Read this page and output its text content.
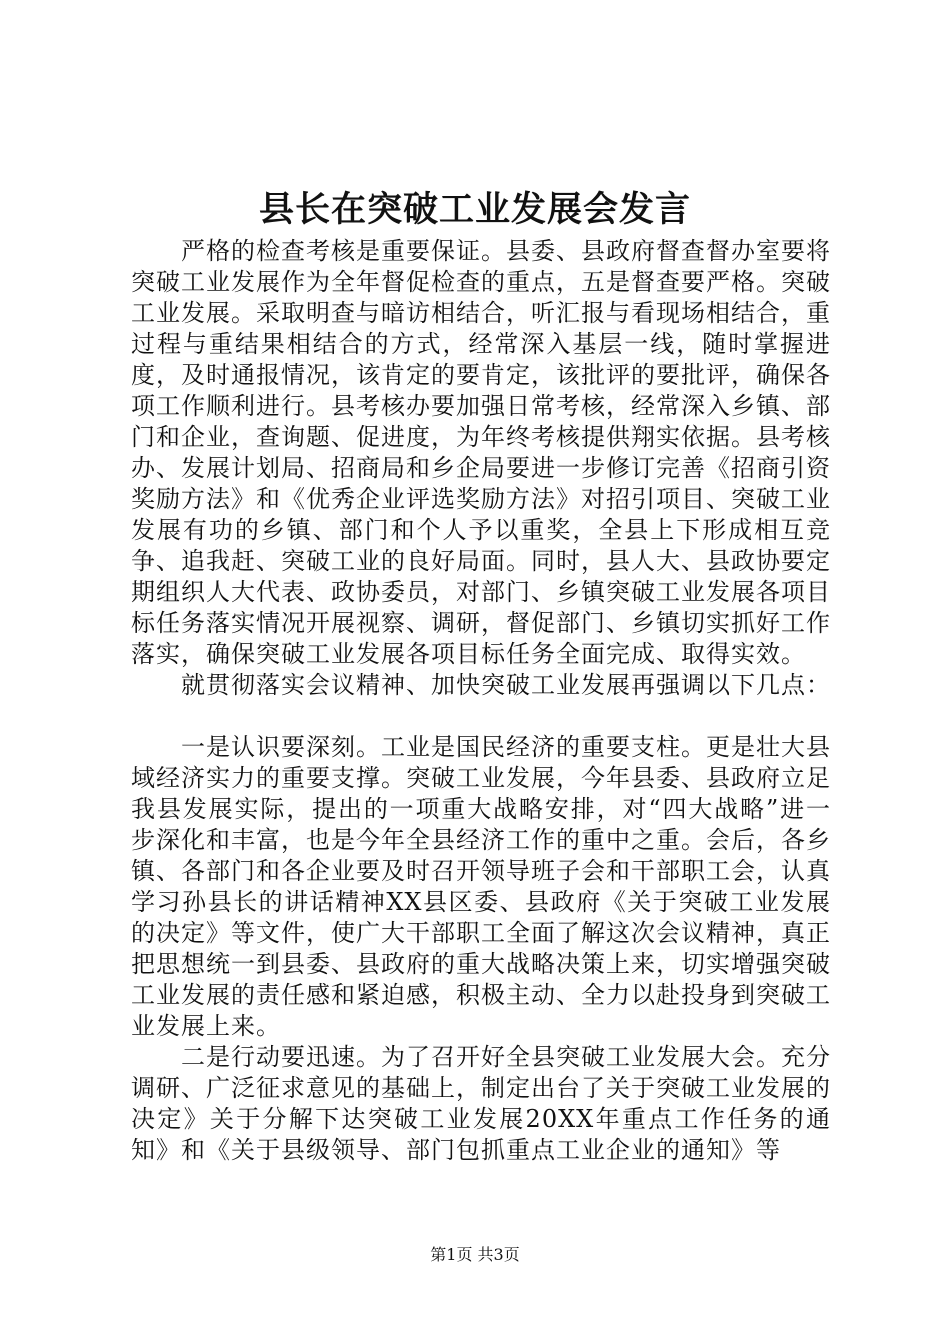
县长在突破工业发展会发言

严格的检查考核是重要保证。县委、县政府督查督办室要将突破工业发展作为全年督促检查的重点，五是督查要严格。突破工业发展。采取明查与暗访相结合，听汇报与看现场相结合，重过程与重结果相结合的方式，经常深入基层一线，随时掌握进度，及时通报情况，该肯定的要肯定，该批评的要批评，确保各项工作顺利进行。县考核办要加强日常考核，经常深入乡镇、部门和企业，查询题、促进度，为年终考核提供翔实依据。县考核办、发展计划局、招商局和乡企局要进一步修订完善《招商引资奖励方法》和《优秀企业评选奖励方法》对招引项目、突破工业发展有功的乡镇、部门和个人予以重奖，全县上下形成相互竞争、追我赶、突破工业的良好局面。同时，县人大、县政协要定期组织人大代表、政协委员，对部门、乡镇突破工业发展各项目标任务落实情况开展视察、调研，督促部门、乡镇切实抓好工作落实，确保突破工业发展各项目标任务全面完成、取得实效。

就贯彻落实会议精神、加快突破工业发展再强调以下几点：

一是认识要深刻。工业是国民经济的重要支柱。更是壮大县域经济实力的重要支撑。突破工业发展，今年县委、县政府立足我县发展实际，提出的一项重大战略安排，对“四大战略”进一步深化和丰富，也是今年全县经济工作的重中之重。会后，各乡镇、各部门和各企业要及时召开领导班子会和干部职工会，认真学习孙县长的讲话精神XX县区委、县政府《关于突破工业发展的决定》等文件，使广大干部职工全面了解这次会议精神，真正把思想统一到县委、县政府的重大战略决策上来，切实增强突破工业发展的责任感和紧迫感，积极主动、全力以赴投身到突破工业发展上来。

二是行动要迅速。为了召开好全县突破工业发展大会。充分调研、广泛征求意见的基础上，制定出台了关于突破工业发展的决定》关于分解下达突破工业发展20XX年重点工作任务的通知》和《关于县级领导、部门包抓重点工业企业的通知》等

第1页 共3页
